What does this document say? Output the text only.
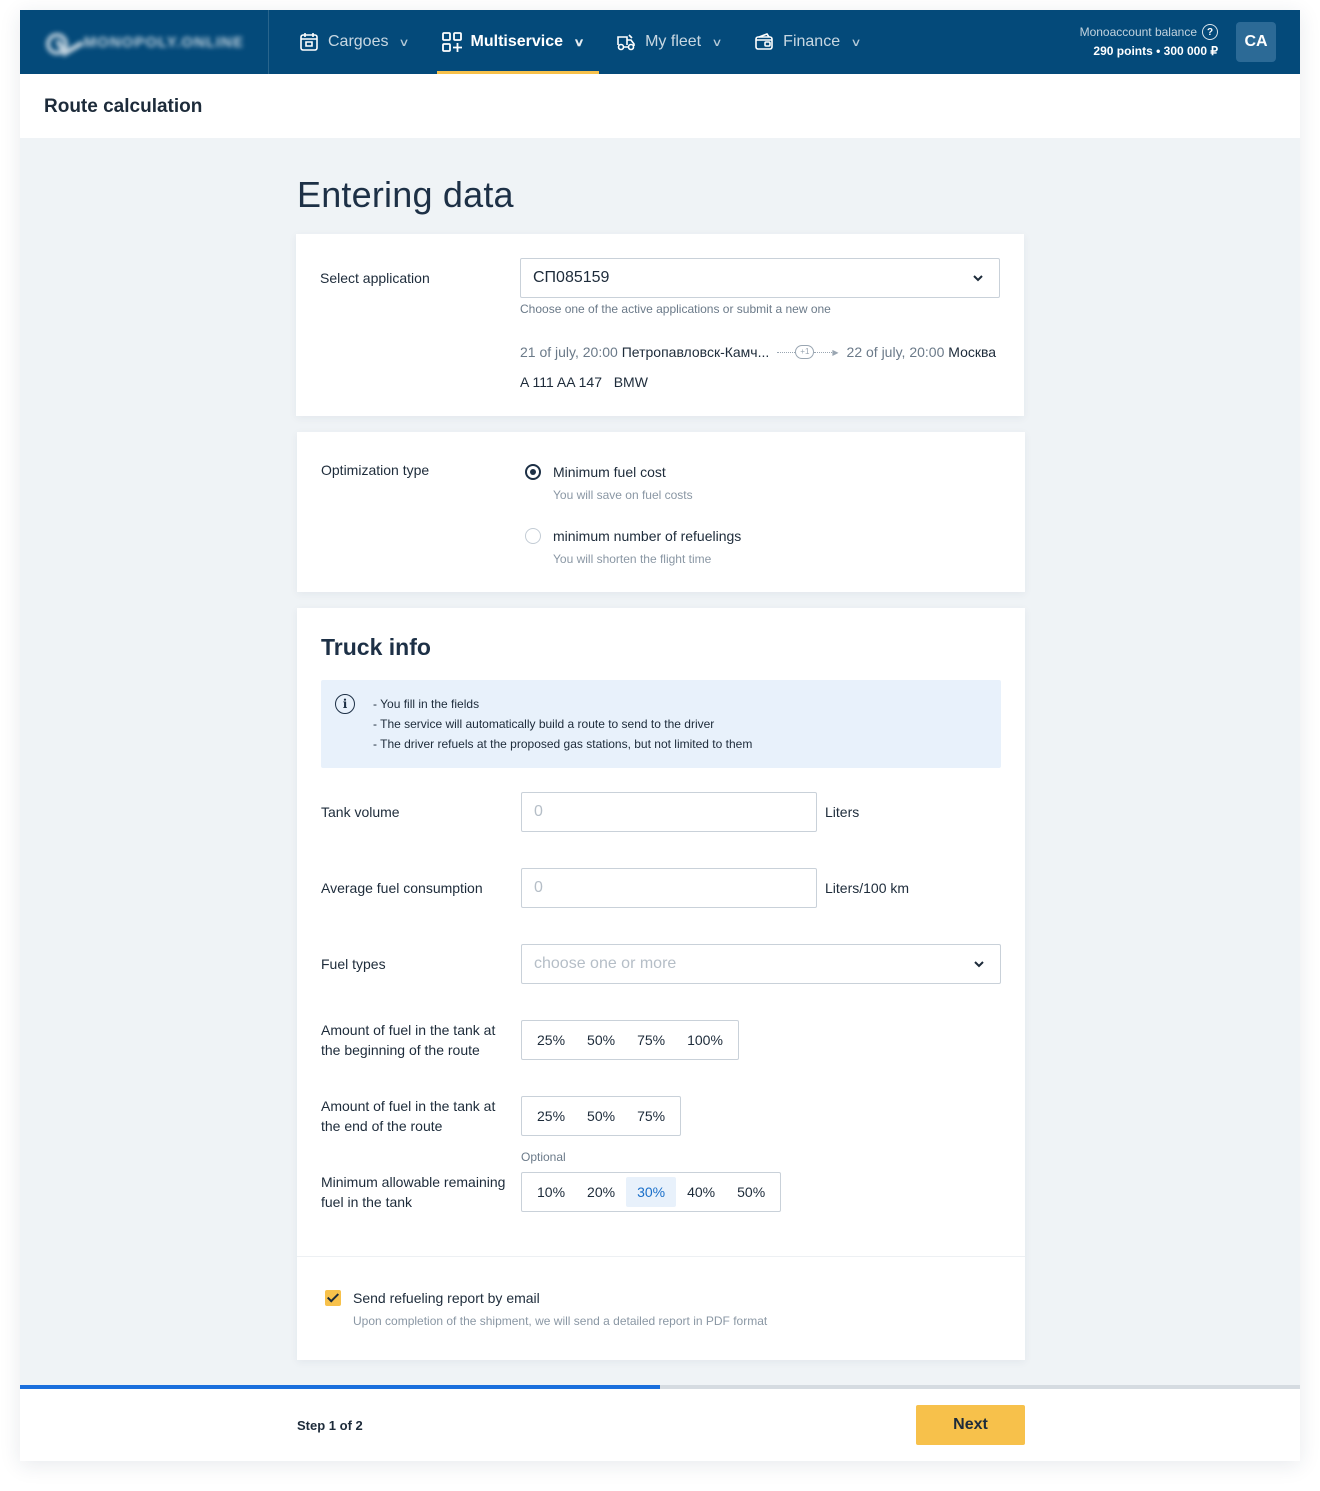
MONOPOLY.ONLINE	Cargoes ∨	Multiservice ∨	My fleet ∨	Finance ∨
Monoaccount balance ?
290 points • 300 000 ₽
CA
Route calculation
Entering data
Select application	СП085159
Choose one of the active applications or submit a new one
21 of july, 20:00
Петропавловск-Камч...	+1	▶ 22 of july, 20:00
Москва
A 111 AA 147 BMW
Optimization type	Minimum fuel cost
You will save on fuel costs
minimum number of refuelings
You will shorten the flight time
Truck info
i	- You fill in the fields
- The service will automatically build a route to send to the driver
- The driver refuels at the proposed gas stations, but not limited to them
Tank volume	0	Liters
Average fuel consumption	0	Liters/100 km
Fuel types	choose one or more
Amount of fuel in the tank at the beginning of the route
25%	50%	75%	100%
Amount of fuel in the tank at the end of the route
25%	50%	75%
Optional
Minimum allowable remaining fuel in the tank
10%	20%	30%	40%	50%
Send refueling report by email
Upon completion of the shipment, we will send a detailed report in PDF format
Step 1 of 2	Next
